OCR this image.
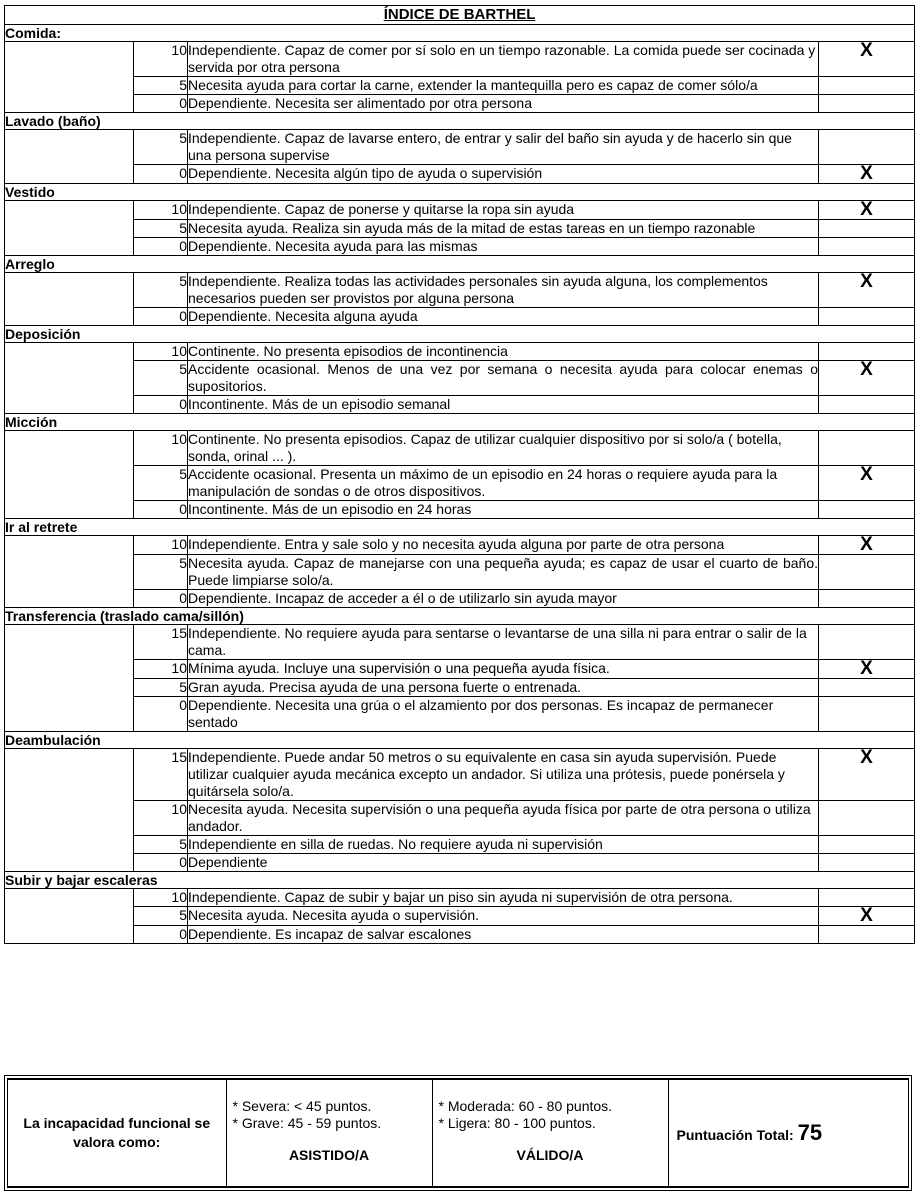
ÍNDICE DE BARTHEL			
Comida:			
	10	Independiente. Capaz de comer por sí solo en un tiempo razonable. La comida puede ser cocinada y servida por otra persona	X
	5	Necesita ayuda para cortar la carne, extender la mantequilla pero es capaz de comer sólo/a	
	0	Dependiente. Necesita ser alimentado por otra persona	
Lavado (baño)			
	5	Independiente. Capaz de lavarse entero, de entrar y salir del baño sin ayuda y de hacerlo sin que una persona supervise	
	0	Dependiente. Necesita algún tipo de ayuda o supervisión	X
Vestido			
	10	Independiente. Capaz de ponerse y quitarse la ropa sin ayuda	X
	5	Necesita ayuda. Realiza sin ayuda más de la mitad de estas tareas en un tiempo razonable	
	0	Dependiente. Necesita ayuda para las mismas	
Arreglo			
	5	Independiente. Realiza todas las actividades personales sin ayuda alguna, los complementos necesarios pueden ser provistos por alguna persona	X
	0	Dependiente. Necesita alguna ayuda	
Deposición			
	10	Continente. No presenta episodios de incontinencia	
	5	Accidente ocasional. Menos de una vez por semana o necesita ayuda para colocar enemas o supositorios.	X
	0	Incontinente. Más de un episodio semanal	
Micción			
	10	Continente. No presenta episodios. Capaz de utilizar cualquier dispositivo por si solo/a ( botella, sonda, orinal ... ).	
	5	Accidente ocasional. Presenta un máximo de un episodio en 24 horas o requiere ayuda para la manipulación de sondas o de otros dispositivos.	X
	0	Incontinente. Más de un episodio en 24 horas	
Ir al retrete			
	10	Independiente. Entra y sale solo y no necesita ayuda alguna por parte de otra persona	X
	5	Necesita ayuda. Capaz de manejarse con una pequeña ayuda; es capaz de usar el cuarto de baño. Puede limpiarse solo/a.	
	0	Dependiente. Incapaz de acceder a él o de utilizarlo sin ayuda mayor	
Transferencia (traslado cama/sillón)			
	15	Independiente. No requiere ayuda para sentarse o levantarse de una silla ni para entrar o salir de la cama.	
	10	Mínima ayuda. Incluye una supervisión o una pequeña ayuda física.	X
	5	Gran ayuda. Precisa ayuda de una persona fuerte o entrenada.	
	0	Dependiente. Necesita una grúa o el alzamiento por dos personas. Es incapaz de permanecer sentado	
Deambulación			
	15	Independiente. Puede andar 50 metros o su equivalente en casa sin ayuda supervisión. Puede utilizar cualquier ayuda mecánica excepto un andador. Si utiliza una prótesis, puede ponérsela y quitársela solo/a.	X
	10	Necesita ayuda. Necesita supervisión o una pequeña ayuda física por parte de otra persona o utiliza andador.	
	5	Independiente en silla de ruedas. No requiere ayuda ni supervisión	
	0	Dependiente	
Subir y bajar escaleras			
	10	Independiente. Capaz de subir y bajar un piso sin ayuda ni supervisión de otra persona.	
	5	Necesita ayuda. Necesita ayuda o supervisión.	X
	0	Dependiente. Es incapaz de salvar escalones	
La incapacidad funcional se valora como:	
* Severa: < 45 puntos.
* Grave: 45 - 59 puntos.
ASISTIDO/A

* Moderada: 60 - 80 puntos.
* Ligera: 80 - 100 puntos.
VÁLIDO/A
	Puntuación Total: 75
